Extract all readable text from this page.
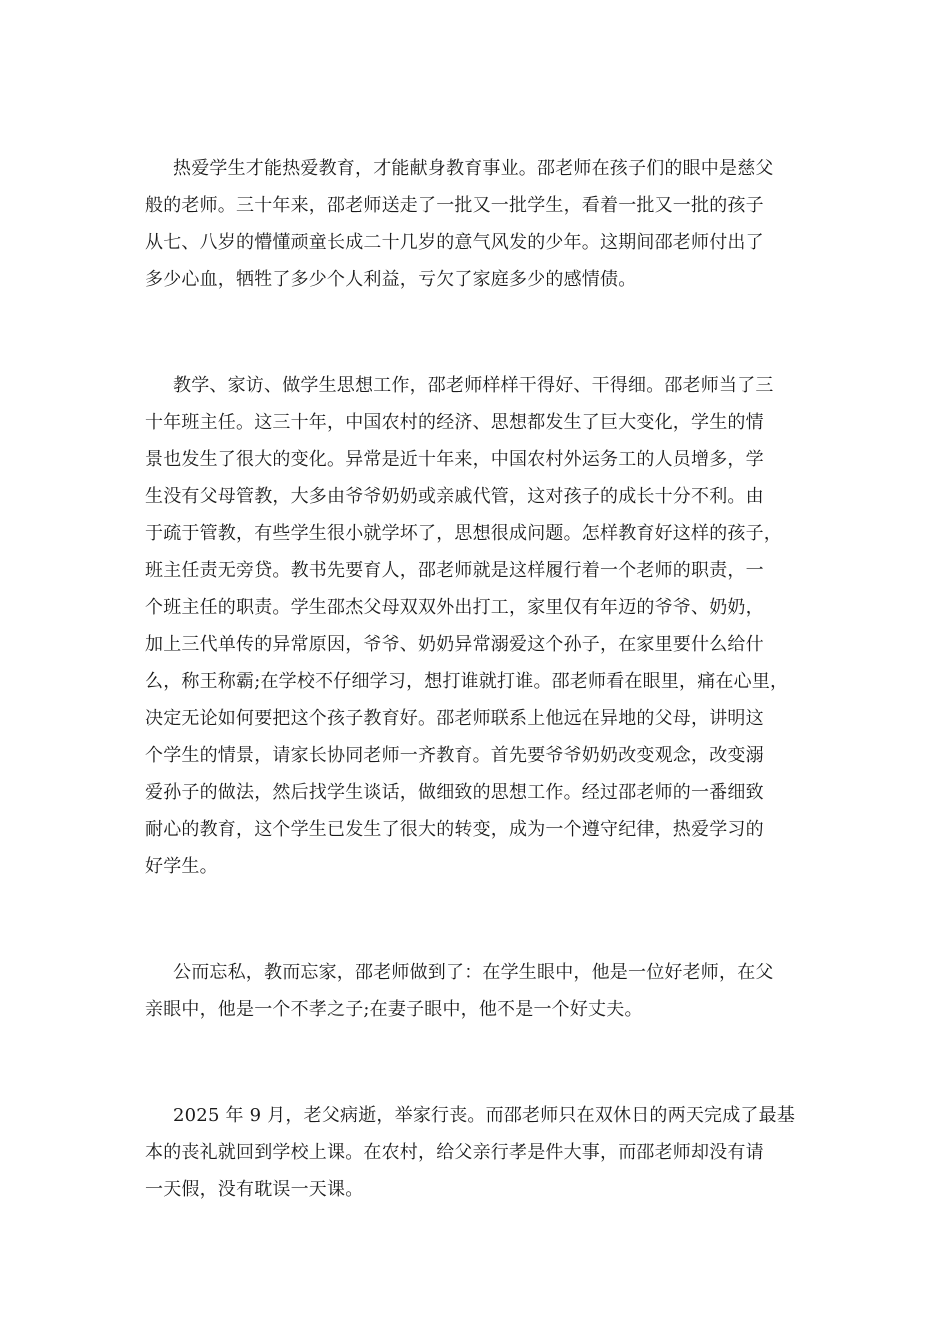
热爱学生才能热爱教育，才能献身教育事业。邵老师在孩子们的眼中是慈父
般的老师。三十年来，邵老师送走了一批又一批学生，看着一批又一批的孩子
从七、八岁的懵懂顽童长成二十几岁的意气风发的少年。这期间邵老师付出了
多少心血，牺牲了多少个人利益，亏欠了家庭多少的感情债。
教学、家访、做学生思想工作，邵老师样样干得好、干得细。邵老师当了三
十年班主任。这三十年，中国农村的经济、思想都发生了巨大变化，学生的情
景也发生了很大的变化。异常是近十年来，中国农村外运务工的人员增多，学
生没有父母管教，大多由爷爷奶奶或亲戚代管，这对孩子的成长十分不利。由
于疏于管教，有些学生很小就学坏了，思想很成问题。怎样教育好这样的孩子，
班主任责无旁贷。教书先要育人，邵老师就是这样履行着一个老师的职责，一
个班主任的职责。学生邵杰父母双双外出打工，家里仅有年迈的爷爷、奶奶，
加上三代单传的异常原因，爷爷、奶奶异常溺爱这个孙子，在家里要什么给什
么，称王称霸;在学校不仔细学习，想打谁就打谁。邵老师看在眼里，痛在心里，
决定无论如何要把这个孩子教育好。邵老师联系上他远在异地的父母，讲明这
个学生的情景，请家长协同老师一齐教育。首先要爷爷奶奶改变观念，改变溺
爱孙子的做法，然后找学生谈话，做细致的思想工作。经过邵老师的一番细致
耐心的教育，这个学生已发生了很大的转变，成为一个遵守纪律，热爱学习的
好学生。
公而忘私，教而忘家，邵老师做到了：在学生眼中，他是一位好老师，在父
亲眼中，他是一个不孝之子;在妻子眼中，他不是一个好丈夫。
2025 年 9 月，老父病逝，举家行丧。而邵老师只在双休日的两天完成了最基
本的丧礼就回到学校上课。在农村，给父亲行孝是件大事，而邵老师却没有请
一天假，没有耽误一天课。
